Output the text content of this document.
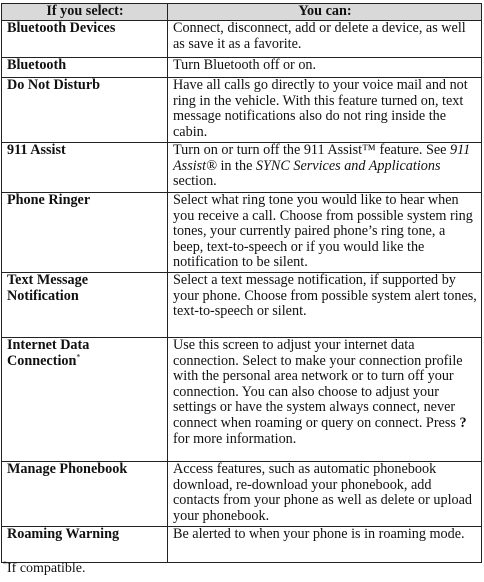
If you select:	You can:
Bluetooth Devices	Connect, disconnect, add or delete a device, as well as save it as a favorite.
Bluetooth	Turn Bluetooth off or on.
Do Not Disturb	Have all calls go directly to your voice mail and not ring in the vehicle. With this feature turned on, text message notifications also do not ring inside the cabin.
911 Assist	Turn on or turn off the 911 Assist™ feature. See 911 Assist® in the SYNC Services and Applications section.
Phone Ringer	Select what ring tone you would like to hear when you receive a call. Choose from possible system ring tones, your currently paired phone’s ring tone, a beep, text-to-speech or if you would like the notification to be silent.
Text Message Notification	Select a text message notification, if supported by your phone. Choose from possible system alert tones, text-to-speech or silent.
Internet Data Connection*	Use this screen to adjust your internet data connection. Select to make your connection profile with the personal area network or to turn off your connection. You can also choose to adjust your settings or have the system always connect, never connect when roaming or query on connect. Press ? for more information.
Manage Phonebook	Access features, such as automatic phonebook download, re-download your phonebook, add contacts from your phone as well as delete or upload your phonebook.
Roaming Warning	Be alerted to when your phone is in roaming mode.
*If compatible.
